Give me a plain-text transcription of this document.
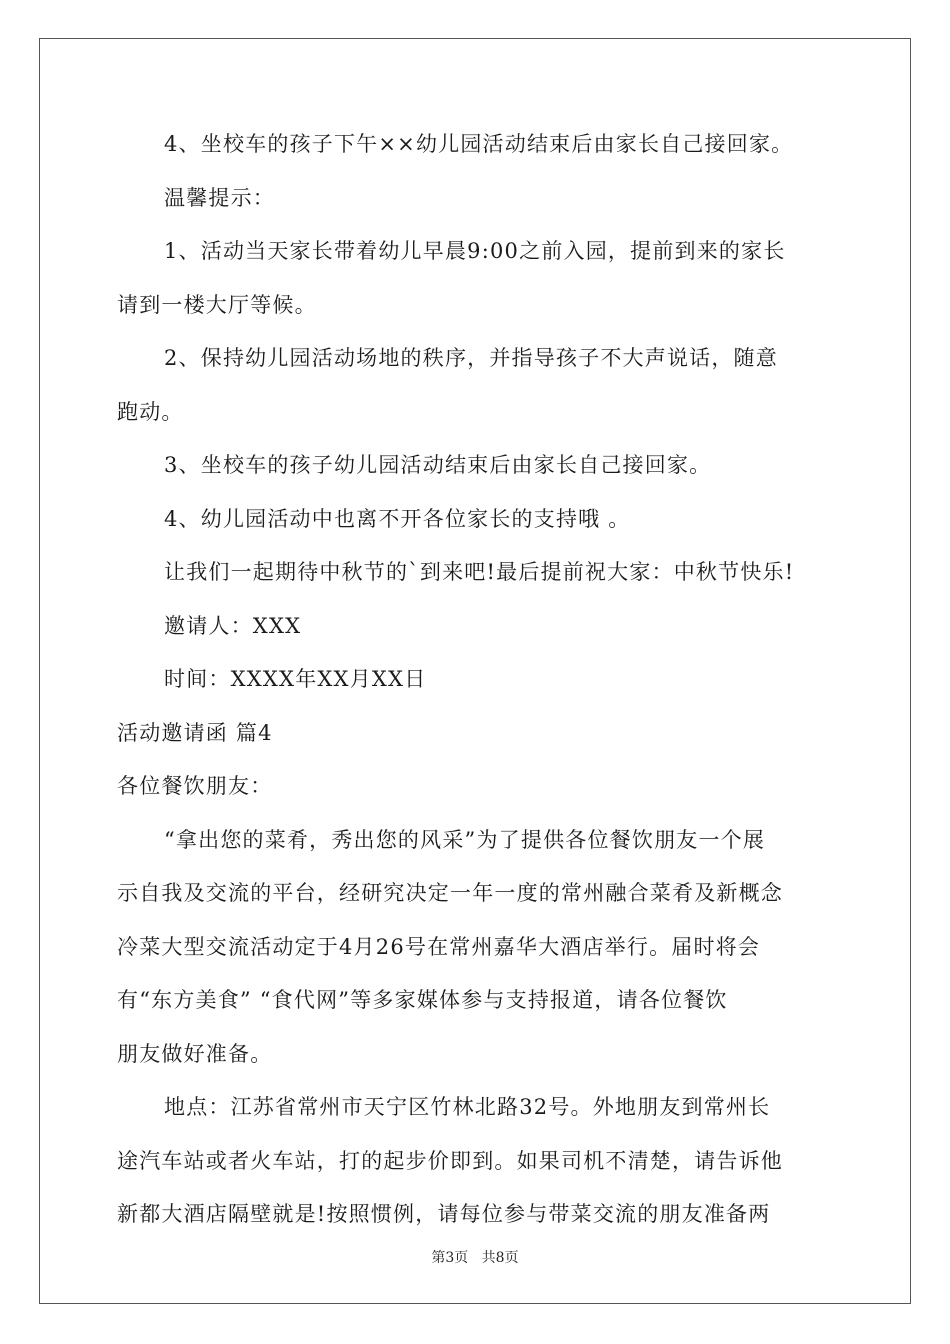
4、坐校车的孩子下午××幼儿园活动结束后由家长自己接回家。
温馨提示：
1、活动当天家长带着幼儿早晨9:00之前入园，提前到来的家长
请到一楼大厅等候。
2、保持幼儿园活动场地的秩序，并指导孩子不大声说话，随意
跑动。
3、坐校车的孩子幼儿园活动结束后由家长自己接回家。
4、幼儿园活动中也离不开各位家长的支持哦 。
让我们一起期待中秋节的`到来吧!最后提前祝大家：中秋节快乐!
邀请人：XXX
时间：XXXX年XX月XX日
活动邀请函 篇4
各位餐饮朋友：
“拿出您的菜肴，秀出您的风采”为了提供各位餐饮朋友一个展
示自我及交流的平台，经研究决定一年一度的常州融合菜肴及新概念
冷菜大型交流活动定于4月26号在常州嘉华大酒店举行。届时将会
有“东方美食” “食代网”等多家媒体参与支持报道，请各位餐饮
朋友做好准备。
地点：江苏省常州市天宁区竹林北路32号。外地朋友到常州长
途汽车站或者火车站，打的起步价即到。如果司机不清楚，请告诉他
新都大酒店隔壁就是!按照惯例，请每位参与带菜交流的朋友准备两
第3页 共8页
